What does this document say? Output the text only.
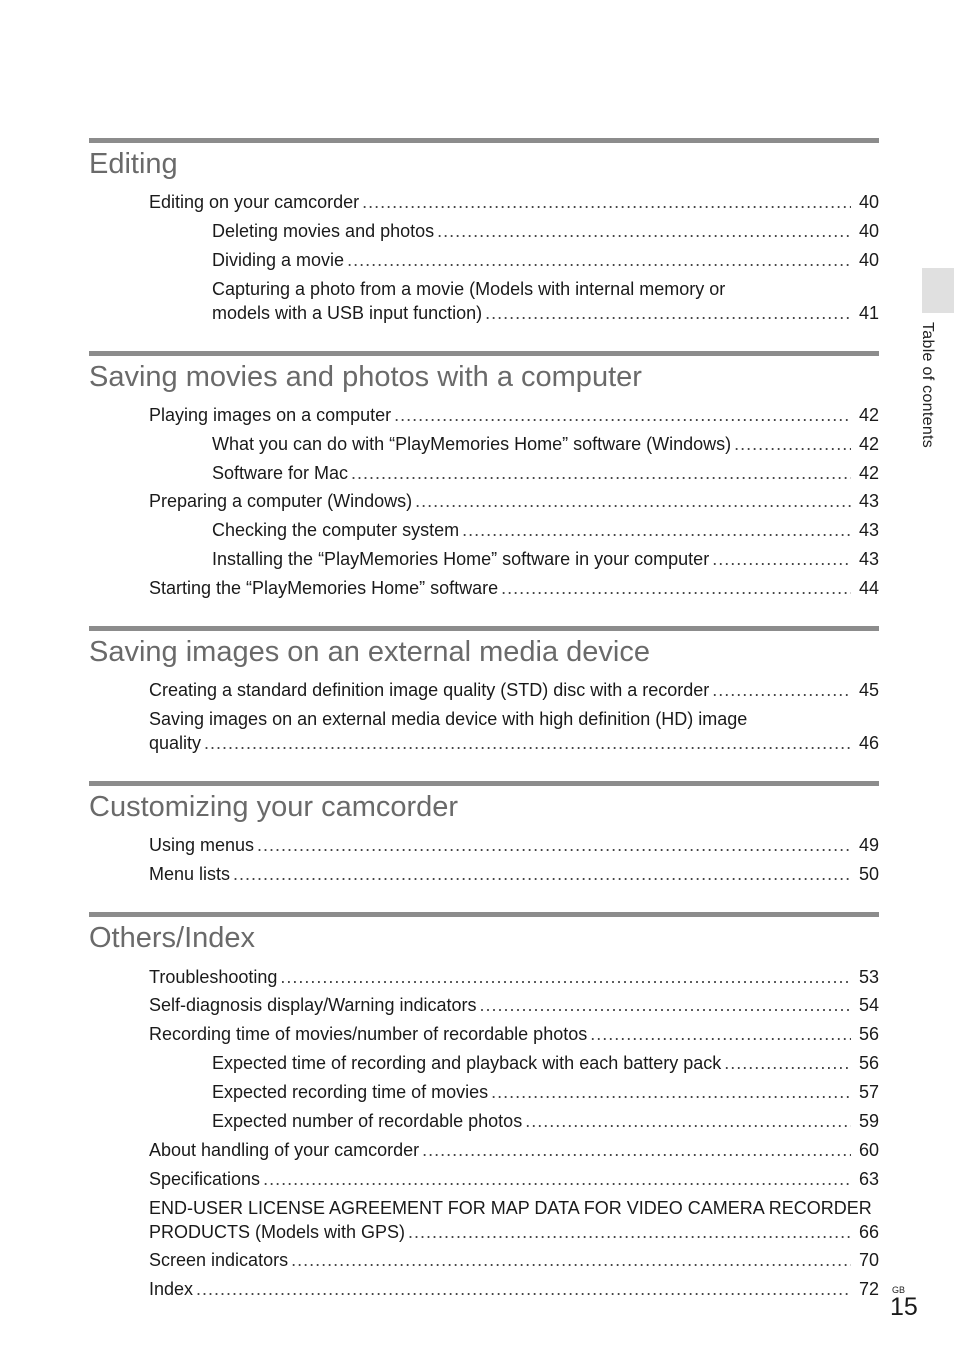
Editing
Editing on your camcorder .....	40
Deleting movies and photos .....	40
Dividing a movie .....	40
Capturing a photo from a movie (Models with internal memory or
models with a USB input function) .....	41
Saving movies and photos with a computer
Playing images on a computer .....	42
What you can do with “PlayMemories Home” software (Windows) .....	42
Software for Mac .....	42
Preparing a computer (Windows) .....	43
Checking the computer system .....	43
Installing the “PlayMemories Home” software in your computer .....	43
Starting the “PlayMemories Home” software .....	44
Saving images on an external media device
Creating a standard definition image quality (STD) disc with a recorder .....	45
Saving images on an external media device with high definition (HD) image
quality .....	46
Customizing your camcorder
Using menus .....	49
Menu lists .....	50
Others/Index
Troubleshooting .....	53
Self-diagnosis display/Warning indicators .....	54
Recording time of movies/number of recordable photos .....	56
Expected time of recording and playback with each battery pack .....	56
Expected recording time of movies .....	57
Expected number of recordable photos .....	59
About handling of your camcorder .....	60
Specifications .....	63
END-USER LICENSE AGREEMENT FOR MAP DATA FOR VIDEO CAMERA RECORDER
PRODUCTS (Models with GPS) .....	66
Screen indicators .....	70
Index .....	72
Table of contents
GB
15
